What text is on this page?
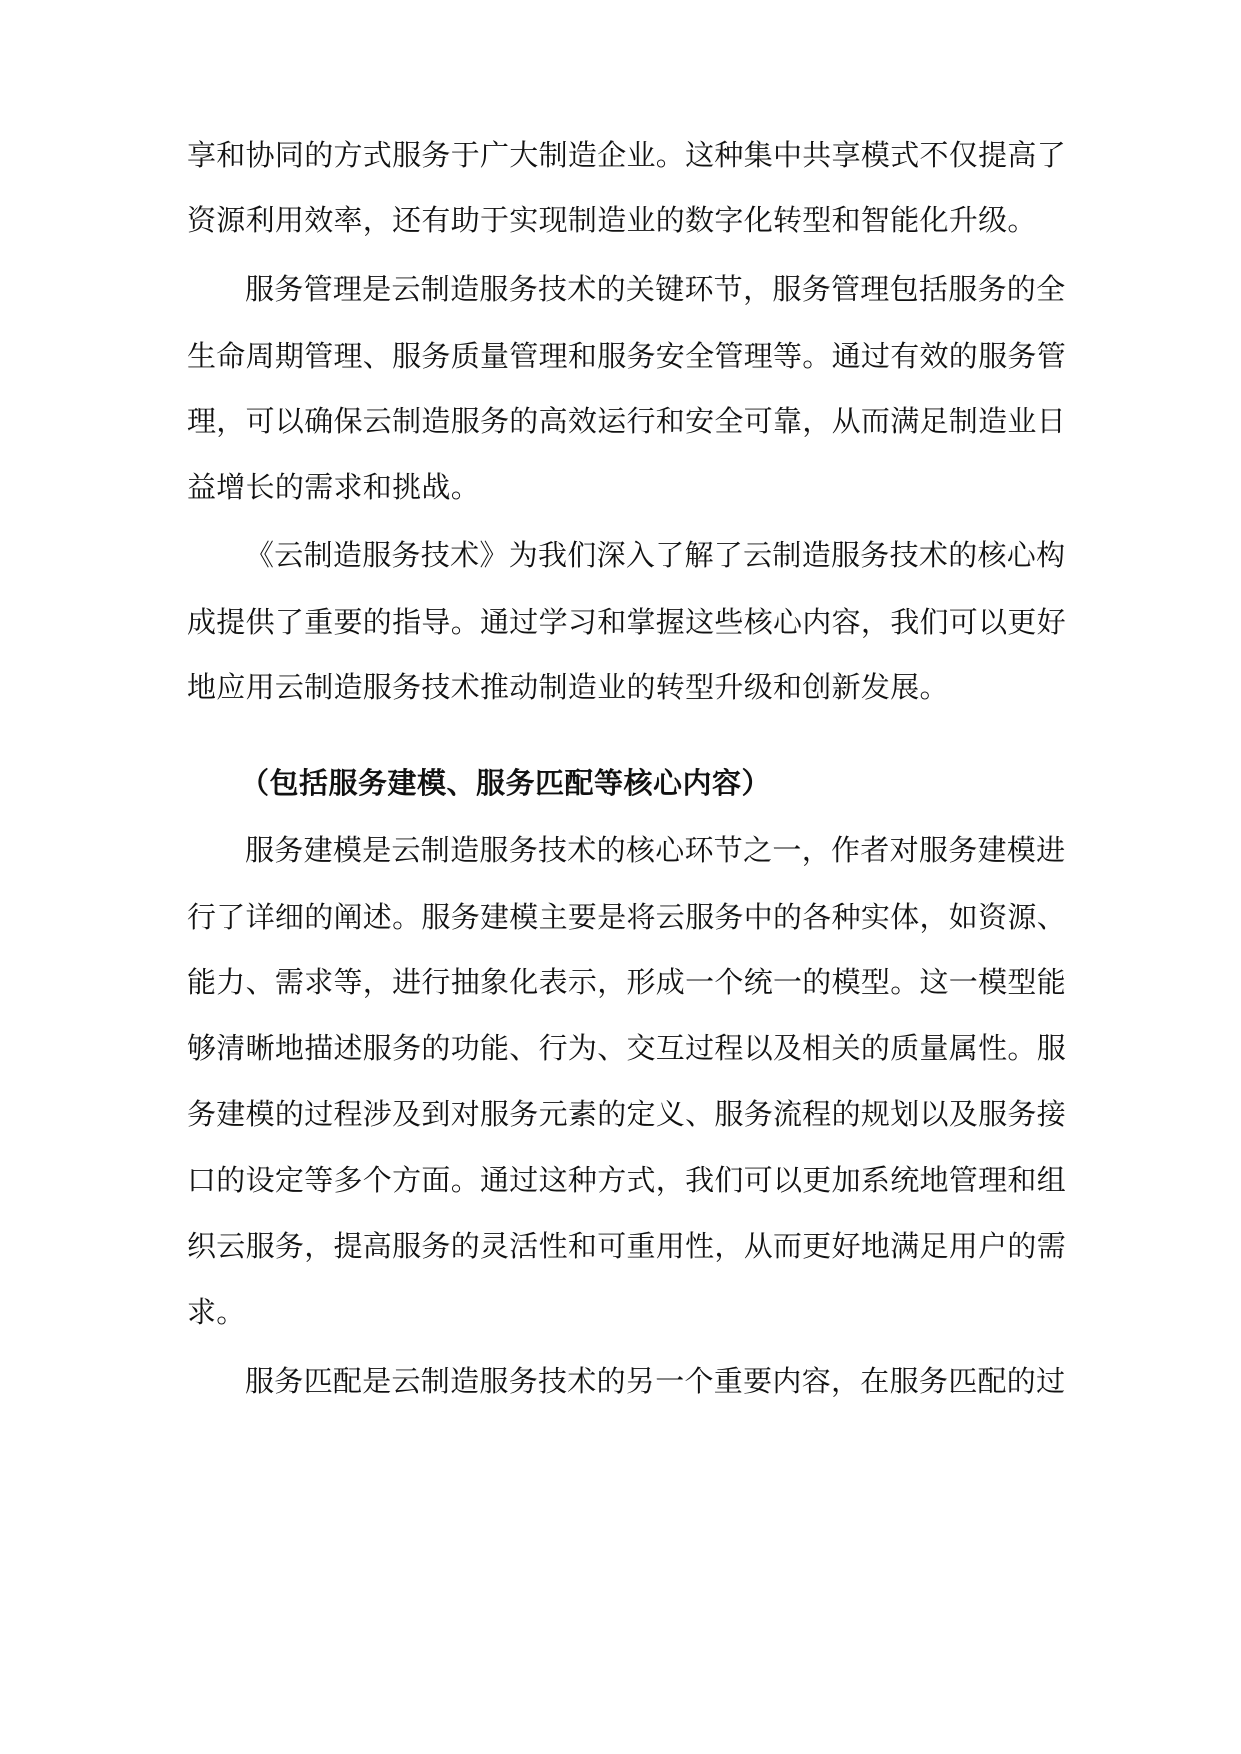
享和协同的方式服务于广大制造企业。这种集中共享模式不仅提高了

资源利用效率，还有助于实现制造业的数字化转型和智能化升级。

服务管理是云制造服务技术的关键环节，服务管理包括服务的全

生命周期管理、服务质量管理和服务安全管理等。通过有效的服务管

理，可以确保云制造服务的高效运行和安全可靠，从而满足制造业日

益增长的需求和挑战。

《云制造服务技术》为我们深入了解了云制造服务技术的核心构

成提供了重要的指导。通过学习和掌握这些核心内容，我们可以更好

地应用云制造服务技术推动制造业的转型升级和创新发展。

（包括服务建模、服务匹配等核心内容）

服务建模是云制造服务技术的核心环节之一，作者对服务建模进

行了详细的阐述。服务建模主要是将云服务中的各种实体，如资源、

能力、需求等，进行抽象化表示，形成一个统一的模型。这一模型能

够清晰地描述服务的功能、行为、交互过程以及相关的质量属性。服

务建模的过程涉及到对服务元素的定义、服务流程的规划以及服务接

口的设定等多个方面。通过这种方式，我们可以更加系统地管理和组

织云服务，提高服务的灵活性和可重用性，从而更好地满足用户的需

求。

服务匹配是云制造服务技术的另一个重要内容，在服务匹配的过
